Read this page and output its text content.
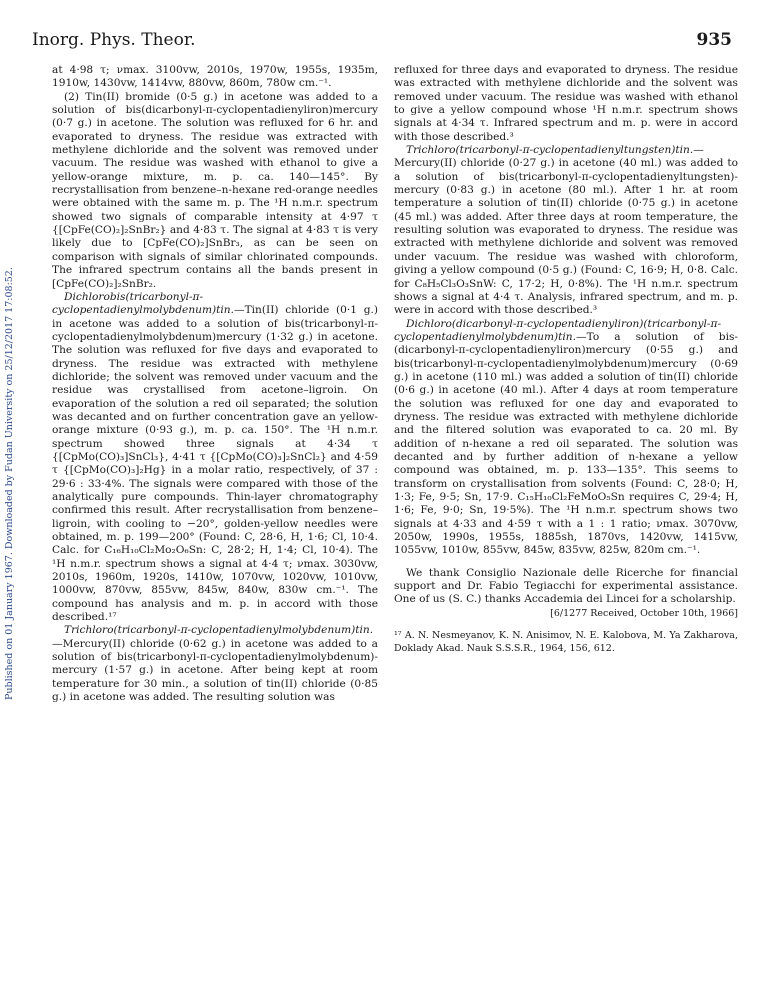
Inorg. Phys. Theor.	935
Published on 01 January 1967. Downloaded by Fudan University on 25/12/2017 17:08:52.

at 4·98 τ; νmax. 3100vw, 2010s, 1970w, 1955s, 1935m, 1910w, 1430vw, 1414vw, 880vw, 860m, 780w cm.⁻¹.

(2) Tin(II) bromide (0·5 g.) in acetone was added to a solution of bis(dicarbonyl-π-cyclopentadienyliron)mercury (0·7 g.) in acetone. The solution was refluxed for 6 hr. and evaporated to dryness. The residue was extracted with methylene dichloride and the solvent was removed under vacuum. The residue was washed with ethanol to give a yellow-orange mixture, m. p. ca. 140—145°. By recrystallisation from benzene–n-hexane red-orange needles were obtained with the same m. p. The ¹H n.m.r. spectrum showed two signals of comparable intensity at 4·97 τ {[CpFe(CO)₂]₂SnBr₂} and 4·83 τ. The signal at 4·83 τ is very likely due to [CpFe(CO)₂]SnBr₃, as can be seen on comparison with signals of similar chlorinated compounds. The infrared spectrum contains all the bands present in [CpFe(CO)₂]₂SnBr₂.

Dichlorobis(tricarbonyl-π-cyclopentadienylmolybdenum)tin.—Tin(II) chloride (0·1 g.) in acetone was added to a solution of bis(tricarbonyl-π-cyclopentadienylmolybdenum)mercury (1·32 g.) in acetone. The solution was refluxed for five days and evaporated to dryness. The residue was extracted with methylene dichloride; the solvent was removed under vacuum and the residue was crystallised from acetone–ligroin. On evaporation of the solution a red oil separated; the solution was decanted and on further concentration gave an yellow-orange mixture (0·93 g.), m. p. ca. 150°. The ¹H n.m.r. spectrum showed three signals at 4·34 τ {[CpMo(CO)₃]SnCl₃}, 4·41 τ {[CpMo(CO)₃]₂SnCl₂} and 4·59 τ {[CpMo(CO)₃]₂Hg} in a molar ratio, respectively, of 37 : 29·6 : 33·4%. The signals were compared with those of the analytically pure compounds. Thin-layer chromatography confirmed this result. After recrystallisation from benzene–ligroin, with cooling to −20°, golden-yellow needles were obtained, m. p. 199—200° (Found: C, 28·6, H, 1·6; Cl, 10·4. Calc. for C₁₆H₁₀Cl₂Mo₂O₆Sn: C, 28·2; H, 1·4; Cl, 10·4). The ¹H n.m.r. spectrum shows a signal at 4·4 τ; νmax. 3030vw, 2010s, 1960m, 1920s, 1410w, 1070vw, 1020vw, 1010vw, 1000vw, 870vw, 855vw, 845w, 840w, 830w cm.⁻¹. The compound has analysis and m. p. in accord with those described.¹⁷

Trichloro(tricarbonyl-π-cyclopentadienylmolybdenum)tin.—Mercury(II) chloride (0·62 g.) in acetone was added to a solution of bis(tricarbonyl-π-cyclopentadienylmolybdenum)-mercury (1·57 g.) in acetone. After being kept at room temperature for 30 min., a solution of tin(II) chloride (0·85 g.) in acetone was added. The resulting solution was

refluxed for three days and evaporated to dryness. The residue was extracted with methylene dichloride and the solvent was removed under vacuum. The residue was washed with ethanol to give a yellow compound whose ¹H n.m.r. spectrum shows signals at 4·34 τ. Infrared spectrum and m. p. were in accord with those described.³

Trichloro(tricarbonyl-π-cyclopentadienyltungsten)tin.—Mercury(II) chloride (0·27 g.) in acetone (40 ml.) was added to a solution of bis(tricarbonyl-π-cyclopentadienyltungsten)-mercury (0·83 g.) in acetone (80 ml.). After 1 hr. at room temperature a solution of tin(II) chloride (0·75 g.) in acetone (45 ml.) was added. After three days at room temperature, the resulting solution was evaporated to dryness. The residue was extracted with methylene dichloride and solvent was removed under vacuum. The residue was washed with chloroform, giving a yellow compound (0·5 g.) (Found: C, 16·9; H, 0·8. Calc. for C₈H₅Cl₃O₃SnW: C, 17·2; H, 0·8%). The ¹H n.m.r. spectrum shows a signal at 4·4 τ. Analysis, infrared spectrum, and m. p. were in accord with those described.³

Dichloro(dicarbonyl-π-cyclopentadienyliron)(tricarbonyl-π-cyclopentadienylmolybdenum)tin.—To a solution of bis-(dicarbonyl-π-cyclopentadienyliron)mercury (0·55 g.) and bis(tricarbonyl-π-cyclopentadienylmolybdenum)mercury (0·69 g.) in acetone (110 ml.) was added a solution of tin(II) chloride (0·6 g.) in acetone (40 ml.). After 4 days at room temperature the solution was refluxed for one day and evaporated to dryness. The residue was extracted with methylene dichloride and the filtered solution was evaporated to ca. 20 ml. By addition of n-hexane a red oil separated. The solution was decanted and by further addition of n-hexane a yellow compound was obtained, m. p. 133—135°. This seems to transform on crystallisation from solvents (Found: C, 28·0; H, 1·3; Fe, 9·5; Sn, 17·9. C₁₅H₁₀Cl₂FeMoO₅Sn requires C, 29·4; H, 1·6; Fe, 9·0; Sn, 19·5%). The ¹H n.m.r. spectrum shows two signals at 4·33 and 4·59 τ with a 1 : 1 ratio; νmax. 3070vw, 2050w, 1990s, 1955s, 1885sh, 1870vs, 1420vw, 1415vw, 1055vw, 1010w, 855vw, 845w, 835vw, 825w, 820m cm.⁻¹.

We thank Consiglio Nazionale delle Ricerche for financial support and Dr. Fabio Tegiacchi for experimental assistance. One of us (S. C.) thanks Accademia dei Lincei for a scholarship.

[6/1277 Received, October 10th, 1966]
¹⁷ A. N. Nesmeyanov, K. N. Anisimov, N. E. Kalobova, M. Ya Zakharova, Doklady Akad. Nauk S.S.S.R., 1964, 156, 612.
